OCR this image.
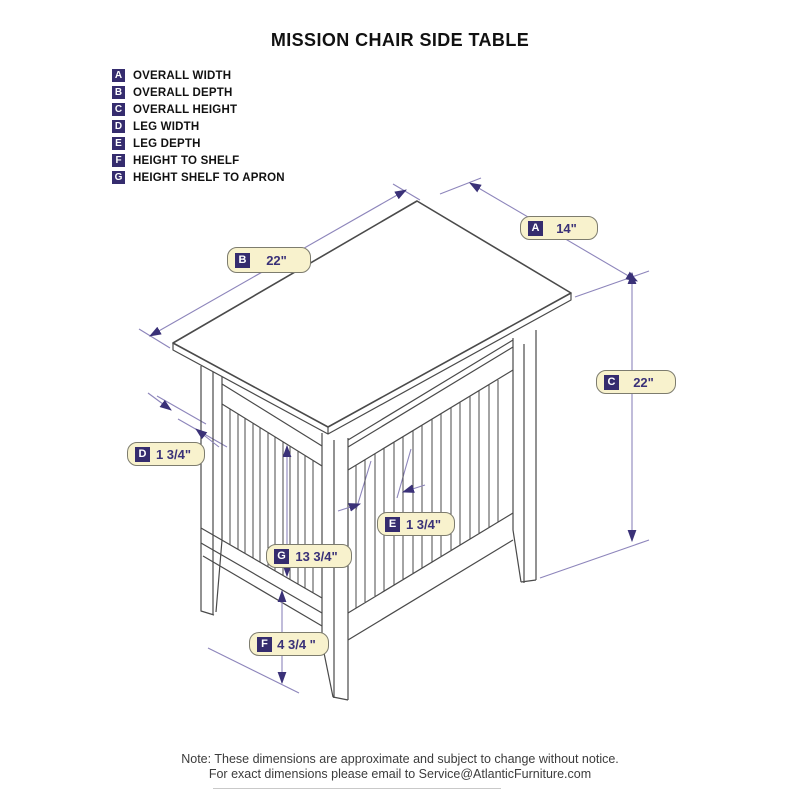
MISSION CHAIR SIDE TABLE
A OVERALL WIDTH
B OVERALL DEPTH
C OVERALL HEIGHT
D LEG WIDTH
E LEG DEPTH
F HEIGHT TO SHELF
G HEIGHT SHELF TO APRON
A	14"
B	22"
C	22"
D 1 3/4"
E 1 3/4"
G 13 3/4"
F 4 3/4 "
Note: These dimensions are approximate and subject to change without notice.
For exact dimensions please email to Service@AtlanticFurniture.com
